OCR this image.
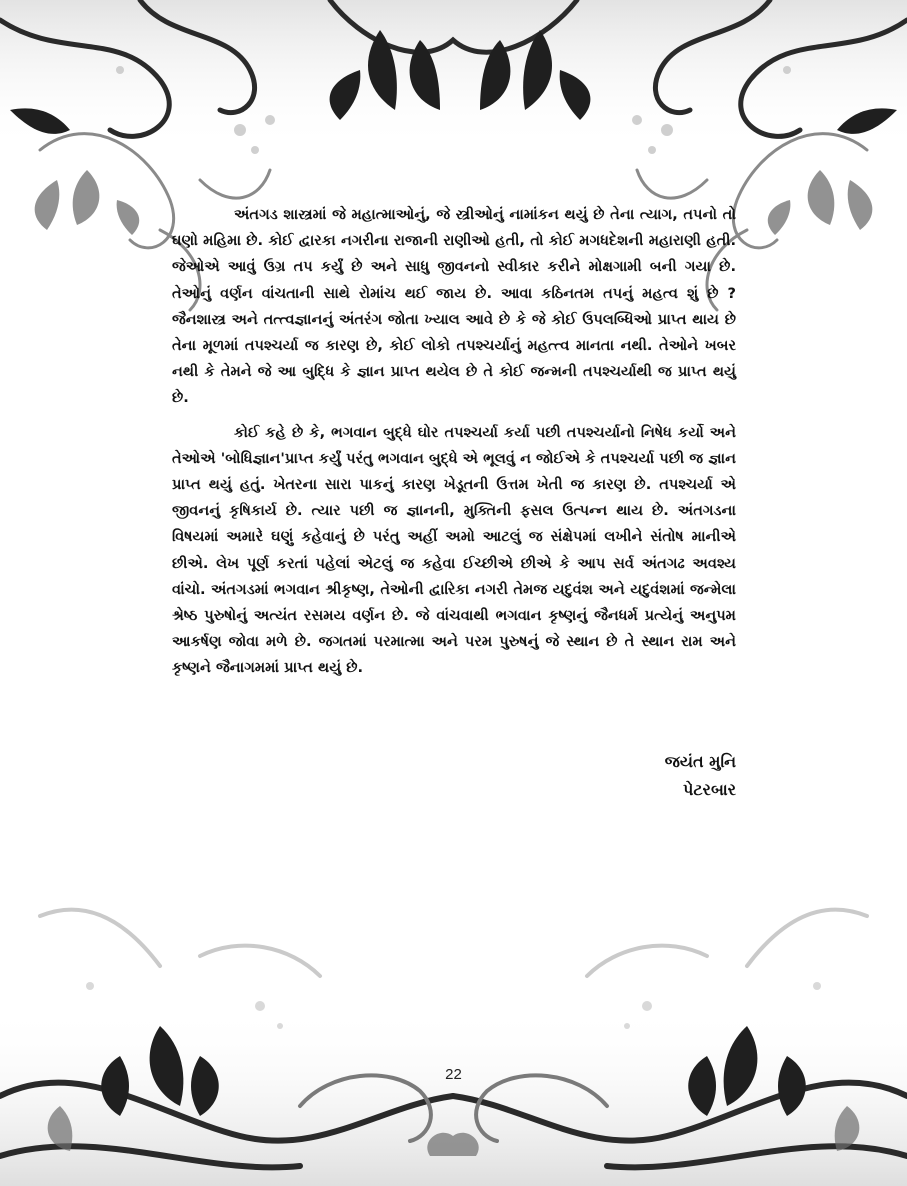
અંતગડ શાસ્ત્રમાં જે મહાત્માઓનું, જે સ્ત્રીઓનું નામાંકન થયું છે તેના ત્યાગ, તપનો તો ઘણો મહિમા છે. કોઈ દ્વારકા નગરીના રાજાની રાણીઓ હતી, તો કોઈ મગધદેશની મહારાણી હતી. જેઓએ આવું ઉગ્ર તપ કર્યું છે અને સાધુ જીવનનો સ્વીકાર કરીને મોક્ષગામી બની ગયા છે. તેઓનું વર્ણન વાંચતાની સાથે રોમાંચ થઈ જાય છે. આવા કઠિનતમ તપનું મહત્વ શું છે ? જૈનશાસ્ત્ર અને તત્ત્વજ્ઞાનનું અંતરંગ જોતા ખ્યાલ આવે છે કે જે કોઈ ઉપલબ્ધિઓ પ્રાપ્ત થાય છે તેના મૂળમાં તપશ્ચર્યા જ કારણ છે, કોઈ લોકો તપશ્ચર્યાનું મહત્ત્વ માનતા નથી. તેઓને ખબર નથી કે તેમને જે આ બુદ્ધિ કે જ્ઞાન પ્રાપ્ત થયેલ છે તે કોઈ જન્મની તપશ્ચર્યાથી જ પ્રાપ્ત થયું છે.

કોઈ કહે છે કે, ભગવાન બુદ્ધે ઘોર તપશ્ચર્યા કર્યા પછી તપશ્ચર્યાનો નિષેધ કર્યો અને તેઓએ 'બોધિજ્ઞાન'પ્રાપ્ત કર્યું પરંતુ ભગવાન બુદ્ધે એ ભૂલવું ન જોઈએ કે તપશ્ચર્યા પછી જ જ્ઞાન પ્રાપ્ત થયું હતું. ખેતરના સારા પાકનું કારણ ખેડૂતની ઉત્તમ ખેતી જ કારણ છે. તપશ્ચર્યા એ જીવનનું કૃષિકાર્ય છે. ત્યાર પછી જ જ્ઞાનની, મુક્તિની ફસલ ઉત્પન્ન થાય છે. અંતગડના વિષયમાં અમારે ઘણું કહેવાનું છે પરંતુ અહીં અમો આટલું જ સંક્ષેપમાં લખીને સંતોષ માનીએ છીએ. લેખ પૂર્ણ કરતાં પહેલાં એટલું જ કહેવા ઈચ્છીએ છીએ કે આપ સર્વ અંતગઢ અવશ્ય વાંચો. અંતગડમાં ભગવાન શ્રીકૃષ્ણ, તેઓની દ્વારિકા નગરી તેમજ યદુવંશ અને યદુવંશમાં જન્મેલા શ્રેષ્ઠ પુરુષોનું અત્યંત રસમય વર્ણન છે. જે વાંચવાથી ભગવાન કૃષ્ણનું જૈનધર્મ પ્રત્યેનું અનુપમ આકર્ષણ જોવા મળે છે. જગતમાં પરમાત્મા અને પરમ પુરુષનું જે સ્થાન છે તે સ્થાન રામ અને કૃષ્ણને જૈનાગમમાં પ્રાપ્ત થયું છે.

જયંત મુનિ
પેટરબાર
22
